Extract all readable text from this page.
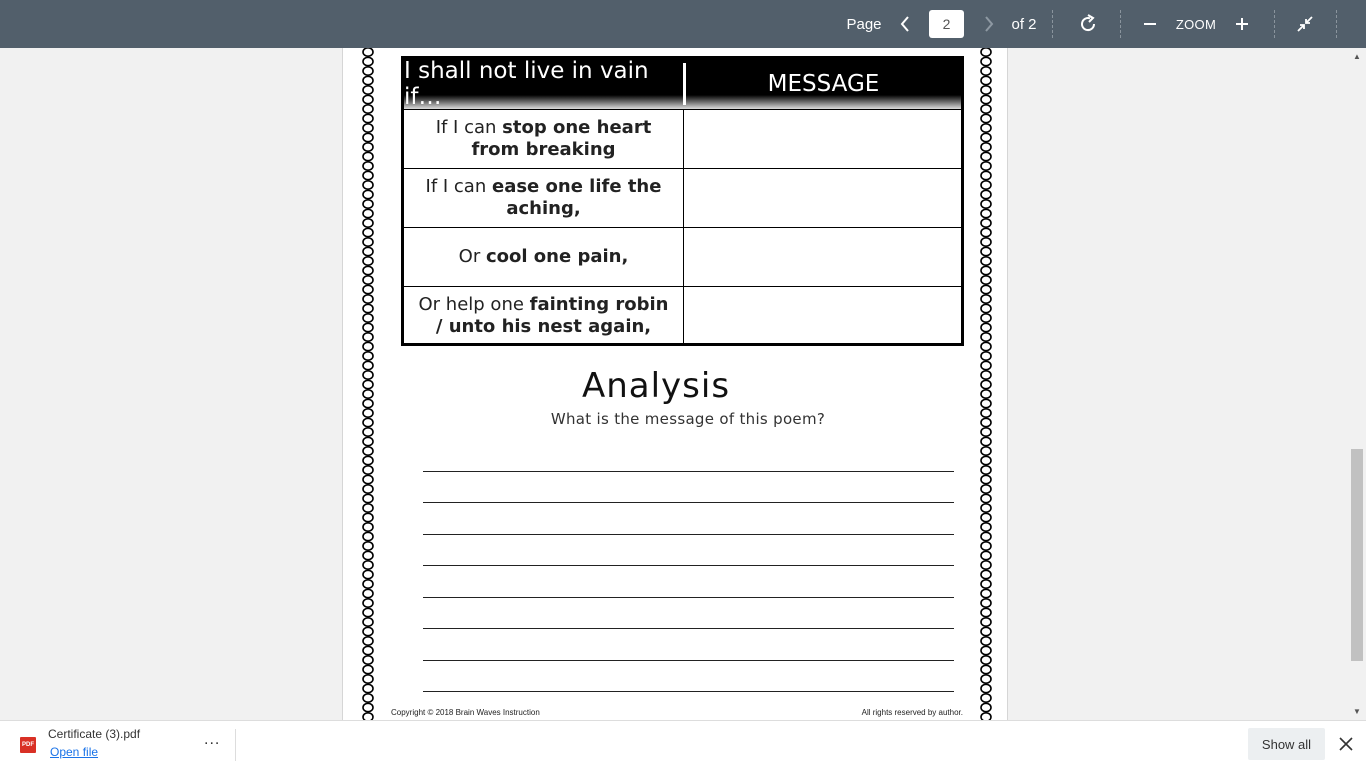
Page
2	of 2	ZOOM
I shall not live in vain if…	MESSAGE
If I can stop one heart from breaking
If I can ease one life the aching,
Or cool one pain,
Or help one fainting robin / unto his nest again,
Analysis
What is the message of this poem?
Copyright © 2018 Brain Waves Instruction	All rights reserved by author.
▲
▼
PDF
Certificate (3).pdf
Open file
...	Show all
